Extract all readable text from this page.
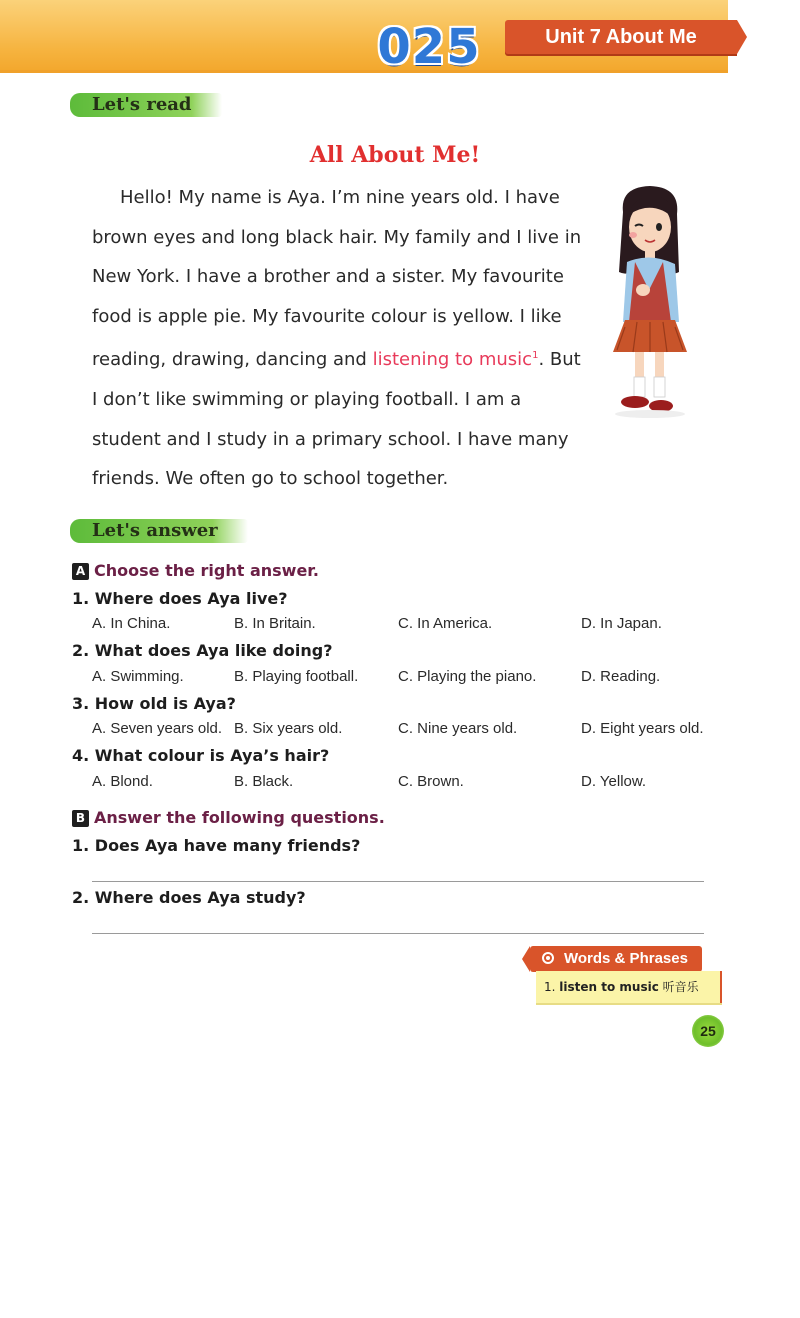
025	Unit 7 About Me
Let's read
All About Me!
Hello! My name is Aya. I’m nine years old. I have brown eyes and long black hair. My family and I live in New York. I have a brother and a sister. My favourite food is apple pie. My favourite colour is yellow. I like reading, drawing, dancing and listening to music$^1$. But I don’t like swimming or playing football. I am a student and I study in a primary school. I have many friends. We often go to school together.
Let's answer
A Choose the right answer.
1. Where does Aya live?
A. In China.	B. In Britain.	C. In America.	D. In Japan.
2. What does Aya like doing?
A. Swimming.	B. Playing football.	C. Playing the piano.	D. Reading.
3. How old is Aya?
A. Seven years old. B. Six years old.	C. Nine years old.	D. Eight years old.
4. What colour is Aya’s hair?
A. Blond.	B. Black.	C. Brown.	D. Yellow.
B Answer the following questions.
1. Does Aya have many friends?
2. Where does Aya study?
Words & Phrases
1. listen to music 听音乐
25
